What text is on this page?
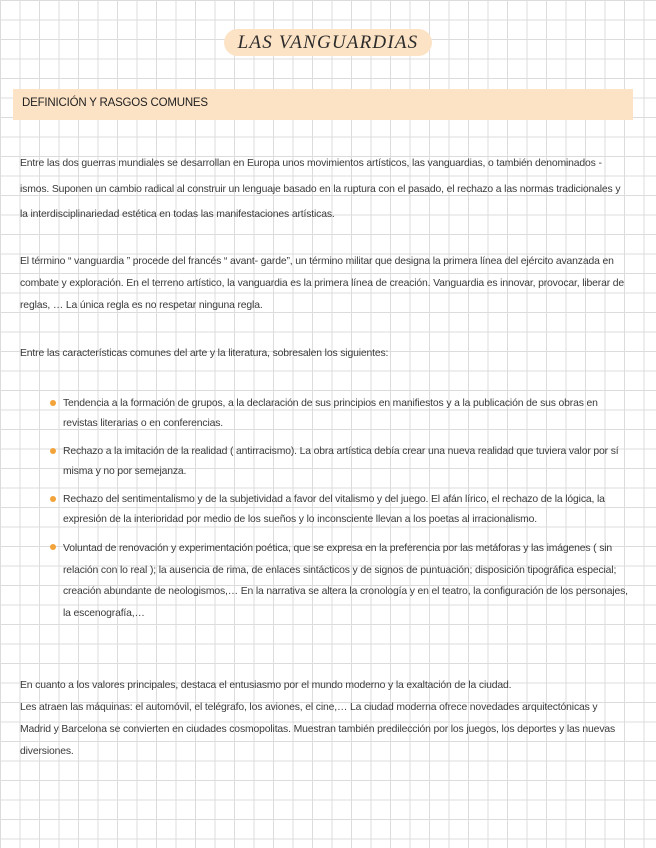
LAS VANGUARDIAS
DEFINICIÓN Y RASGOS COMUNES

Entre las dos guerras mundiales se desarrollan en Europa unos movimientos artísticos, las vanguardias, o también denominados -ismos. Suponen un cambio radical al construir un lenguaje basado en la ruptura con el pasado, el rechazo a las normas tradicionales y la interdisciplinariedad estética en todas las manifestaciones artísticas.

El término “ vanguardia ” procede del francés “ avant- garde”, un término militar que designa la primera línea del ejército avanzada en combate y exploración. En el terreno artístico, la vanguardia es la primera línea de creación. Vanguardia es innovar, provocar, liberar de reglas, … La única regla es no respetar ninguna regla.

Entre las características comunes del arte y la literatura, sobresalen los siguientes:

Tendencia a la formación de grupos, a la declaración de sus principios en manifiestos y a la publicación de sus obras en revistas literarias o en conferencias.
Rechazo a la imitación de la realidad ( antirracismo). La obra artística debía crear una nueva realidad que tuviera valor por sí misma y no por semejanza.
Rechazo del sentimentalismo y de la subjetividad a favor del vitalismo y del juego. El afán lírico, el rechazo de la lógica, la expresión de la interioridad por medio de los sueños y lo inconsciente llevan a los poetas al irracionalismo.
Voluntad de renovación y experimentación poética, que se expresa en la preferencia por las metáforas y las imágenes ( sin relación con lo real ); la ausencia de rima, de enlaces sintácticos y de signos de puntuación; disposición tipográfica especial; creación abundante de neologismos,… En la narrativa se altera la cronología y en el teatro, la configuración de los personajes, la escenografía,…
En cuanto a los valores principales, destaca el entusiasmo por el mundo moderno y la exaltación de la ciudad.
Les atraen las máquinas: el automóvil, el telégrafo, los aviones, el cine,… La ciudad moderna ofrece novedades arquitectónicas y Madrid y Barcelona se convierten en ciudades cosmopolitas. Muestran también predilección por los juegos, los deportes y las nuevas diversiones.
